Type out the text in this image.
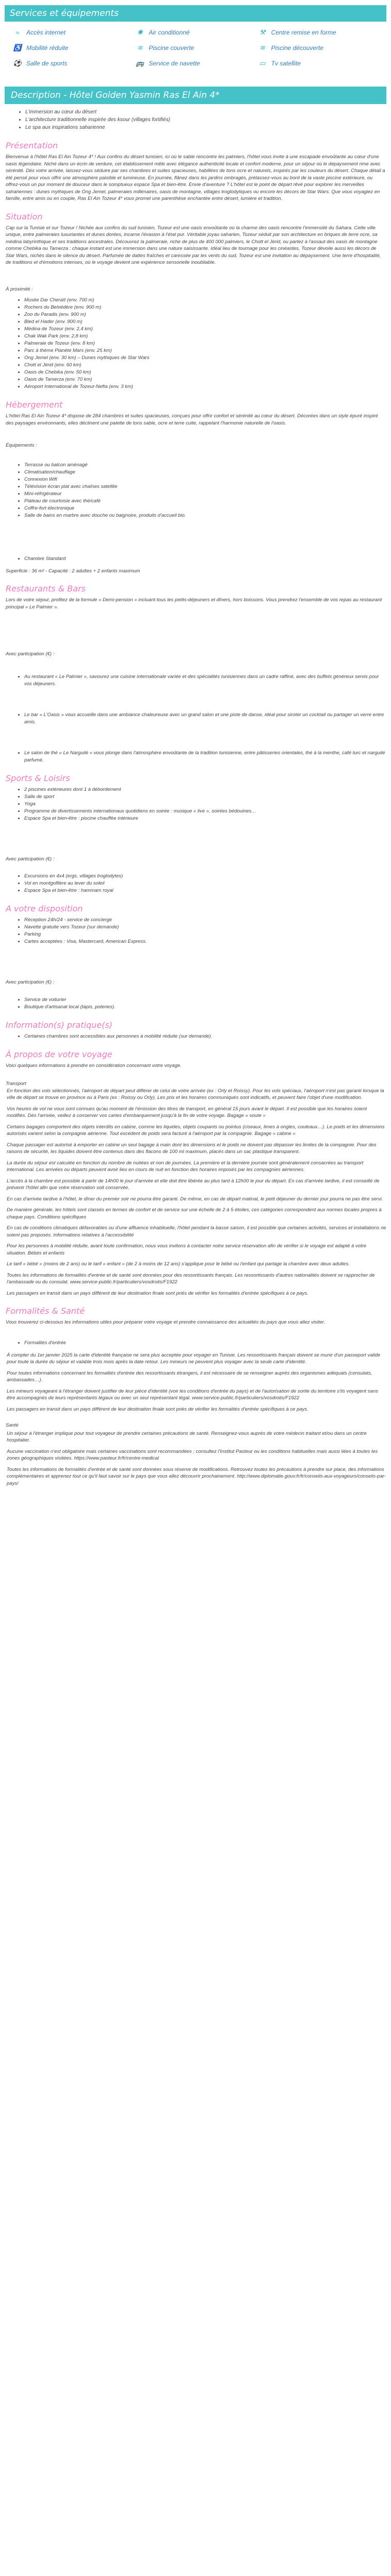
Services et équipements
≈	Accès internet	✱ Air conditionné	⚒ Centre remise en forme
♿ Mobilité réduite	≋ Piscine couverte	≋ Piscine découverte
⚽ Salle de sports	🚌 Service de navette	▭ Tv satellite
Description - Hôtel Golden Yasmin Ras El Ain 4*
• L'immersion au cœur du désert
• L'architecture traditionnelle inspirée des ksour (villages fortifiés)
• Le spa aux inspirations saharienne
Présentation

Bienvenue à l'hôtel Ras El Ain Tozeur 4* ! Aux confins du désert tunisien, ici où le sable rencontre les palmiers, l'hôtel vous invite à une escapade envoûtante au cœur d'une oasis légendaire. Niché dans un écrin de verdure, cet établissement mêle avec élégance authenticité locale et confort moderne, pour un séjour où le dépaysement rime avec sérénité. Dès votre arrivée, laissez-vous séduire par ses chambres et suites spacieuses, habillées de tons ocre et naturels, inspirés par les couleurs du désert. Chaque détail a été pensé pour vous offrir une atmosphère paisible et lumineuse. En journée, flânez dans les jardins ombragés, prélassez-vous au bord de la vaste piscine extérieure, ou offrez-vous un pur moment de douceur dans le somptueux espace Spa et bien-être. Envie d'aventure ? L'hôtel est le point de départ rêvé pour explorer les merveilles sahariennes : dunes mythiques de Ong Jemel, palmeraies millénaires, oasis de montagne, villages troglodytiques ou encore les décors de Star Wars. Que vous voyagiez en famille, entre amis ou en couple, Ras El Ain Tozeur 4* vous promet une parenthèse enchantée entre désert, lumière et tradition.

Situation

Cap sur la Tunisie et sur Tozeur ! Nichée aux confins du sud tunisien, Tozeur est une oasis envoûtante où la charme des oasis rencontre l'immensité du Sahara. Cette ville unique, entre palmeraies luxuriantes et dunes dorées, incarne l'évasion à l'état pur. Véritable joyau saharien, Tozeur séduit par son architecture en briques de terre ocre, sa médina labyrinthique et ses traditions ancestrales. Découvrez la palmeraie, riche de plus de 400 000 palmiers, le Chott el Jérid, ou partez à l'assaut des oasis de montagne comme Chebika ou Tamerza : chaque instant est une immersion dans une nature saisissante. Idéal lieu de tournage pour les cinéastes, Tozeur dévoile aussi les décors de Star Wars, nichés dans le silence du désert. Parfumée de dattes fraîches et caressée par les vents du sud, Tozeur est une invitation au dépaysement. Une terre d'hospitalité, de traditions et d'émotions intenses, où le voyage devient une expérience sensorielle inoubliable.

À proximité :

• Musée Dar Cheraït (env. 700 m)
• Rochers du Belvédère (env. 900 m)
• Zoo du Paradis (env. 900 m)
• Bled el Hader (env. 900 m)
• Médina de Tozeur (env. 2,4 km)
• Chak Wak Park (env. 2,8 km)
• Palmeraie de Tozeur (env. 8 km)
• Parc à thème Planète Mars (env. 25 km)
• Ong Jemel (env. 30 km) – Dunes mythiques de Star Wars
• Chott el Jérid (env. 60 km)
• Oasis de Chebika (env. 50 km)
• Oasis de Tamerza (env. 70 km)
• Aéroport International de Tozeur-Nefta (env. 3 km)
Hébergement

L'hôtel Ras El Ain Tozeur 4* dispose de 284 chambres et suites spacieuses, conçues pour offrir confort et sérénité au cœur du désert. Décorées dans un style épuré inspiré des paysages environnants, elles déclinent une palette de tons sable, ocre et terre cuite, rappelant l'harmonie naturelle de l'oasis.

Équipements :

• Terrasse ou balcon aménagé
• Climatisation/chauffage
• Connexion Wifi
• Télévision écran plat avec chaînes satellite
• Mini-réfrigérateur
• Plateau de courtoisie avec thé/café
• Coffre-fort électronique
• Salle de bains en marbre avec douche ou baignoire, produits d'accueil bio.
• Chambre Standard

Superficie : 36 m² - Capacité : 2 adultes + 2 enfants maximum

Restaurants & Bars

Lors de votre séjour, profitez de la formule « Demi-pension » incluant tous les petits-déjeuners et dîners, hors boissons. Vous prendrez l'ensemble de vos repas au restaurant principal « Le Palmier ».

Avec participation (€) :

• Au restaurant « Le Palmier », savourez une cuisine internationale variée et des spécialités tunisiennes dans un cadre raffiné, avec des buffets généreux servis pour vos déjeuners.
• Le bar « L'Oasis » vous accueille dans une ambiance chaleureuse avec un grand salon et une piste de danse, idéal pour siroter un cocktail ou partager un verre entre amis.
• Le salon de thé « Le Narguilé » vous plonge dans l'atmosphère envoûtante de la tradition tunisienne, entre pâtisseries orientales, thé à la menthe, café turc et narguilé parfumé.
Sports & Loisirs
• 2 piscines extérieures dont 1 à débordement
• Salle de sport
• Yoga
• Programme de divertissements internationaux quotidiens en soirée : musique « live », soirées bédouines…
• Espace Spa et bien-être : piscine chauffée intérieure

Avec participation (€) :

• Excursions en 4x4 (ergs, villages troglodytes)
• Vol en montgolfière au lever du soleil
• Espace Spa et bien-être : hammam royal
A votre disposition
• Réception 24h/24 - service de concierge
• Navette gratuite vers Tozeur (sur demande)
• Parking
• Cartes acceptées : Visa, Mastercard, American Express.

Avec participation (€) :

• Service de voiturier
• Boutique d'artisanat local (tapis, poteries).
Information(s) pratique(s)
• Certaines chambres sont accessibles aux personnes à mobilité réduite (sur demande).
À propos de votre voyage

Voici quelques informations à prendre en considération concernant votre voyage.

Transport

En fonction des vols sélectionnés, l'aéroport de départ peut différer de celui de votre arrivée (ex : Orly et Roissy). Pour les vols spéciaux, l'aéroport n'est pas garanti lorsque la ville de départ se trouve en province ou à Paris (ex : Roissy ou Orly). Les prix et les horaires communiqués sont indicatifs, et peuvent faire l'objet d'une modification.

Vos heures de vol ne vous sont connues qu'au moment de l'émission des titres de transport, en général 15 jours avant le départ. Il est possible que les horaires soient modifiés. Dès l'arrivée, veillez à conserver vos cartes d'embarquement jusqu'à la fin de votre voyage. Bagage « soute »

Certains bagages comportent des objets interdits en cabine, comme les liquides, objets coupants ou pointus (ciseaux, limes à ongles, couteaux…). Le poids et les dimensions autorisés varient selon la compagnie aérienne. Tout excédent de poids sera facturé à l'aéroport par la compagnie. Bagage « cabine »

Chaque passager est autorisé à emporter en cabine un seul bagage à main dont les dimensions et le poids ne doivent pas dépasser les limites de la compagnie. Pour des raisons de sécurité, les liquides doivent être contenus dans des flacons de 100 ml maximum, placés dans un sac plastique transparent.

La durée du séjour est calculée en fonction du nombre de nuitées et non de journées. La première et la dernière journée sont généralement consacrées au transport international. Les arrivées ou départs peuvent avoir lieu en cours de nuit en fonction des horaires imposés par les compagnies aériennes.

L'accès à la chambre est possible à partir de 14h00 le jour d'arrivée et elle doit être libérée au plus tard à 12h00 le jour du départ. En cas d'arrivée tardive, il est conseillé de prévenir l'hôtel afin que votre réservation soit conservée.

En cas d'arrivée tardive à l'hôtel, le dîner du premier soir ne pourra être garanti. De même, en cas de départ matinal, le petit déjeuner du dernier jour pourra ne pas être servi.

De manière générale, les hôtels sont classés en termes de confort et de service sur une échelle de 2 à 5 étoiles, ces catégories correspondent aux normes locales propres à chaque pays. Conditions spécifiques

En cas de conditions climatiques défavorables ou d'une affluence inhabituelle, l'hôtel pendant la basse saison, il est possible que certaines activités, services et installations ne soient pas proposés. Informations relatives à l'accessibilité

Pour les personnes à mobilité réduite, avant toute confirmation, nous vous invitons à contacter notre service réservation afin de vérifier si le voyage est adapté à votre situation. Bébés et enfants

Le tarif « bébé » (moins de 2 ans) ou le tarif « enfant » (de 2 à moins de 12 ans) s'applique pour le bébé ou l'enfant qui partage la chambre avec deux adultes.

Toutes les informations de formalités d'entrée et de santé sont données pour des ressortissants français. Les ressortissants d'autres nationalités doivent se rapprocher de l'ambassade ou du consulat. www.service-public.fr/particuliers/vosdroits/F1922

Les passagers en transit dans un pays différent de leur destination finale sont priés de vérifier les formalités d'entrée spécifiques à ce pays.

Formalités & Santé

Vous trouverez ci-dessous les informations utiles pour préparer votre voyage et prendre connaissance des actualités du pays que vous allez visiter.

• Formalités d'entrée

À compter du 1er janvier 2025 la carte d'identité française ne sera plus acceptée pour voyager en Tunisie. Les ressortissants français doivent se munir d'un passeport valide pour toute la durée du séjour et valable trois mois après la date retour. Les mineurs ne peuvent plus voyager avec la seule carte d'identité.

Pour toutes informations concernant les formalités d'entrée des ressortissants étrangers, il est nécessaire de se renseigner auprès des organismes adéquats (consulats, ambassades…).

Les mineurs voyageant à l'étranger doivent justifier de leur pièce d'identité (voir les conditions d'entrée du pays) et de l'autorisation de sortie du territoire s'ils voyagent sans être accompagnés de leurs représentants légaux ou avec un seul représentant légal. www.service-public.fr/particuliers/vosdroits/F1922

Les passagers en transit dans un pays différent de leur destination finale sont priés de vérifier les formalités d'entrée spécifiques à ce pays.

Santé

Un séjour à l'étranger implique pour tout voyageur de prendre certaines précautions de santé. Renseignez-vous auprès de votre médecin traitant et/ou dans un centre hospitalier.

Aucune vaccination n'est obligatoire mais certaines vaccinations sont recommandées ; consultez l'Institut Pasteur ou les conditions habituelles mais aussi liées à toutes les zones géographiques visitées. https://www.pasteur.fr/fr/centre-medical

Toutes les informations de formalités d'entrée et de santé sont données sous réserve de modifications. Retrouvez toutes les précautions à prendre sur place, des informations complémentaires et apprenez tout ce qu'il faut savoir sur le pays que vous allez découvrir prochainement. http://www.diplomatie.gouv.fr/fr/conseils-aux-voyageurs/conseils-par-pays/
